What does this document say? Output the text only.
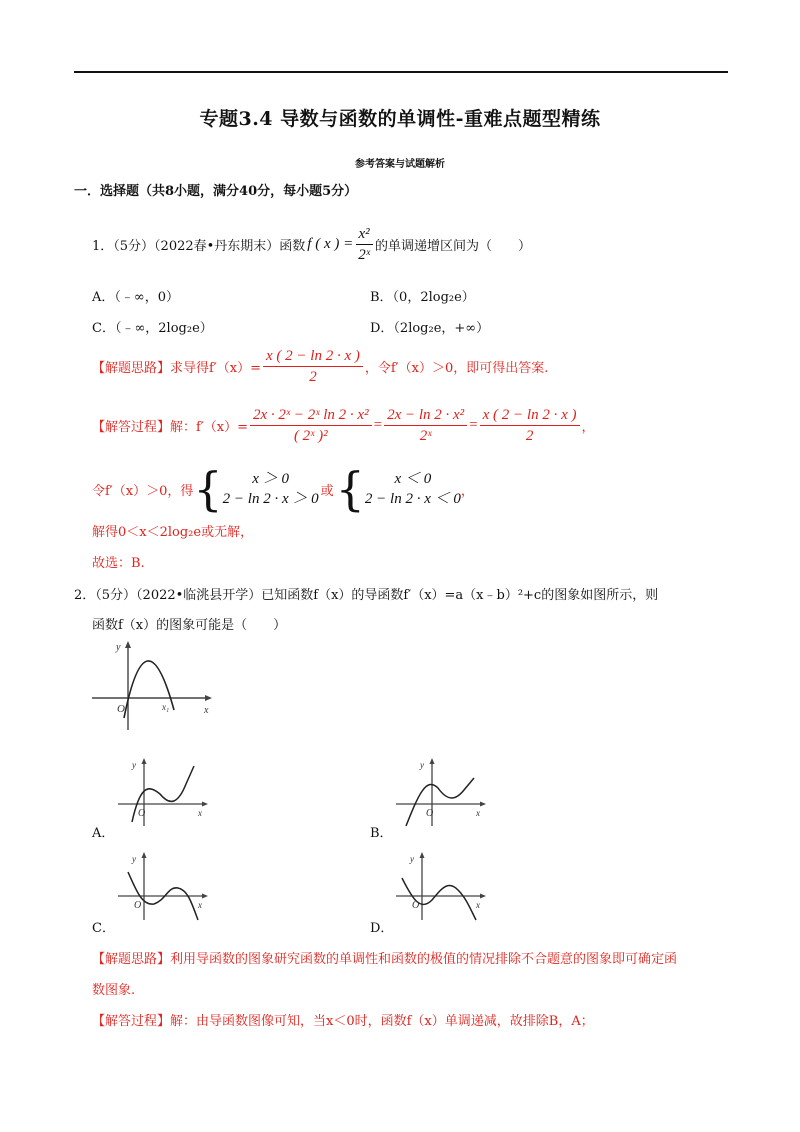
专题3.4 导数与函数的单调性-重难点题型精练
参考答案与试题解析
一．选择题（共8小题，满分40分，每小题5分）
1．（5分）（2022春•丹东期末）函数 f ( x ) = $\frac{\text{x²}}{\text{2ˣ}}$ 的单调递增区间为（　　）
A．（﹣∞，0）	B．（0，2log₂e）
C．（﹣∞，2log₂e）	D．（2log₂e，+∞）
【解题思路】 求导得$f'(x)= \frac{x ( 2 - \ln 2 \cdot x )}{2}$ ，令f′（x）＞0，即可得出答案.
【解答过程】 解：$f'(x)= \frac{\text{2x · 2ˣ − 2ˣ ln 2 · x²}}{\text{( 2ˣ )²}} = \frac{\text{2x − ln 2 · x²}}{\text{2ˣ}} = \frac{x ( 2 - \ln 2 \cdot x )}{2}$ ，
令f′（x）＞0，得 {	x ＞ 0
2 − ln 2 · x ＞ 0 或 {	x ＜ 0
2 − ln 2 · x ＜ 0 ，
解得0＜x＜2log₂e或无解，
故选：B.
2．（5分）（2022•临洮县开学）已知函数f（x）的导函数f′（x）=a（x﹣b）²+c的图象如图所示，则
函数f（x）的图象可能是（　　）
y
x
O	x₁
y
x
O
y
x
O
y
x
O
y
x
O
A．	B．
C．	D．
【解题思路】利用导函数的图象研究函数的单调性和函数的极值的情况排除不合题意的图象即可确定函
数图象.
【解答过程】解：由导函数图像可知，当x＜0时，函数f（x）单调递减，故排除B，A；
